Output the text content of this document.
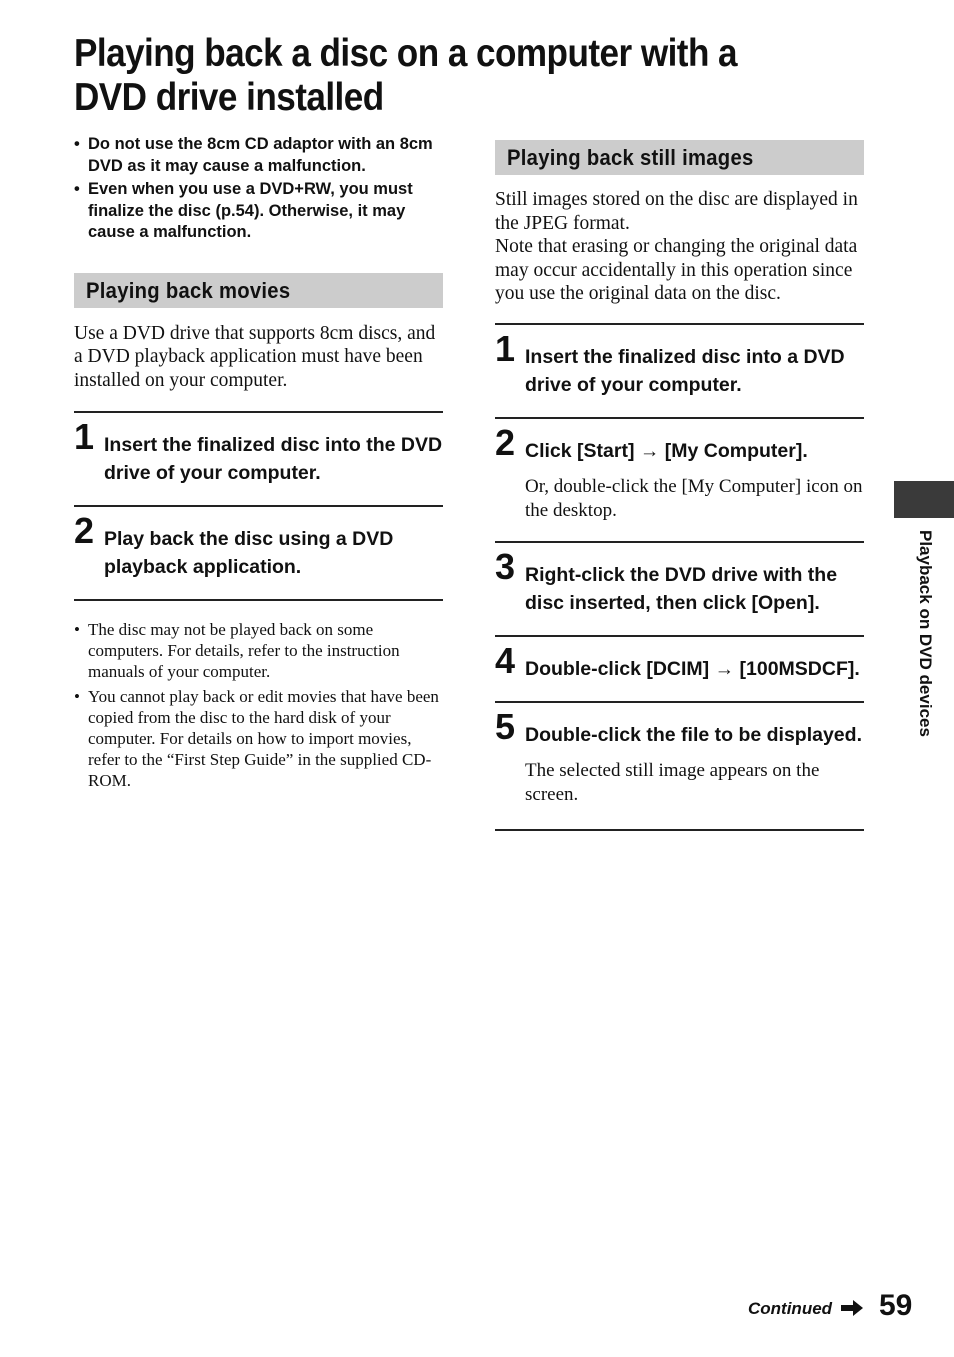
Playing back a disc on a computer with a DVD drive installed
• Do not use the 8cm CD adaptor with an 8cm DVD as it may cause a malfunction.
• Even when you use a DVD+RW, you must finalize the disc (p.54). Otherwise, it may cause a malfunction.
Playing back movies

Use a DVD drive that supports 8cm discs, and a DVD playback application must have been installed on your computer.

1 Insert the finalized disc into the DVD drive of your computer.

2 Play back the disc using a DVD playback application.

• The disc may not be played back on some computers. For details, refer to the instruction manuals of your computer.
• You cannot play back or edit movies that have been copied from the disc to the hard disk of your computer. For details on how to import movies, refer to the “First Step Guide” in the supplied CD-ROM.
Playing back still images

Still images stored on the disc are displayed in the JPEG format.
Note that erasing or changing the original data may occur accidentally in this operation since you use the original data on the disc.

1 Insert the finalized disc into a DVD drive of your computer.

2 Click [Start] → [My Computer].

Or, double-click the [My Computer] icon on the desktop.

3 Right-click the DVD drive with the disc inserted, then click [Open].

4 Double-click [DCIM] → [100MSDCF].

5 Double-click the file to be displayed.

The selected still image appears on the screen.

Playback on DVD devices
Continued 59
